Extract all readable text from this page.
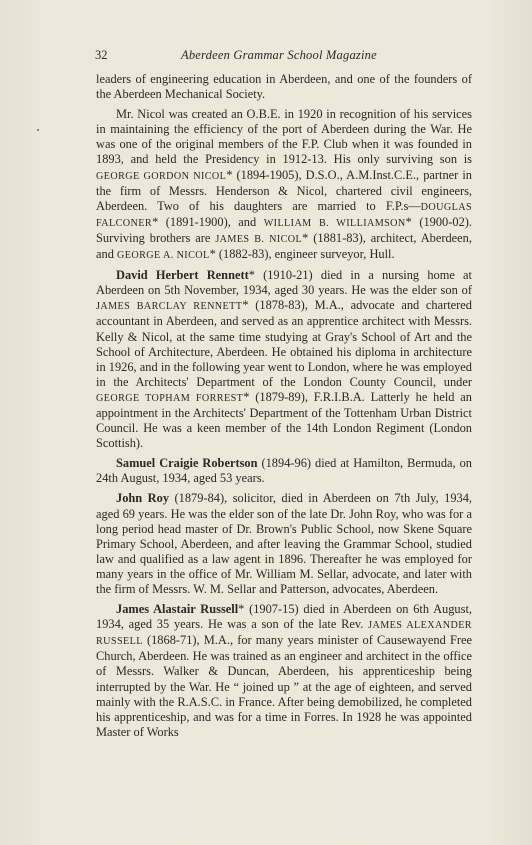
32	Aberdeen Grammar School Magazine

leaders of engineering education in Aberdeen, and one of the founders of the Aberdeen Mechanical Society.

Mr. Nicol was created an O.B.E. in 1920 in recognition of his services in maintaining the efficiency of the port of Aberdeen during the War. He was one of the original members of the F.P. Club when it was founded in 1893, and held the Presidency in 1912-13. His only surviving son is GEORGE GORDON NICOL* (1894-1905), D.S.O., A.M.Inst.C.E., partner in the firm of Messrs. Henderson & Nicol, chartered civil engineers, Aberdeen. Two of his daughters are married to F.P.s—DOUGLAS FALCONER* (1891-1900), and WILLIAM B. WILLIAMSON* (1900-02). Surviving brothers are JAMES B. NICOL* (1881-83), architect, Aberdeen, and GEORGE A. NICOL* (1882-83), engineer surveyor, Hull.

David Herbert Rennett* (1910-21) died in a nursing home at Aberdeen on 5th November, 1934, aged 30 years. He was the elder son of JAMES BARCLAY RENNETT* (1878-83), M.A., advocate and chartered accountant in Aberdeen, and served as an apprentice architect with Messrs. Kelly & Nicol, at the same time studying at Gray's School of Art and the School of Architecture, Aberdeen. He obtained his diploma in architecture in 1926, and in the following year went to London, where he was employed in the Architects' Department of the London County Council, under GEORGE TOPHAM FORREST* (1879-89), F.R.I.B.A. Latterly he held an appointment in the Architects' Department of the Tottenham Urban District Council. He was a keen member of the 14th London Regiment (London Scottish).

Samuel Craigie Robertson (1894-96) died at Hamilton, Bermuda, on 24th August, 1934, aged 53 years.

John Roy (1879-84), solicitor, died in Aberdeen on 7th July, 1934, aged 69 years. He was the elder son of the late Dr. John Roy, who was for a long period head master of Dr. Brown's Public School, now Skene Square Primary School, Aberdeen, and after leaving the Grammar School, studied law and qualified as a law agent in 1896. Thereafter he was employed for many years in the office of Mr. William M. Sellar, advocate, and later with the firm of Messrs. W. M. Sellar and Patterson, advocates, Aberdeen.

James Alastair Russell* (1907-15) died in Aberdeen on 6th August, 1934, aged 35 years. He was a son of the late Rev. JAMES ALEXANDER RUSSELL (1868-71), M.A., for many years minister of Causewayend Free Church, Aberdeen. He was trained as an engineer and architect in the office of Messrs. Walker & Duncan, Aberdeen, his apprenticeship being interrupted by the War. He “ joined up ” at the age of eighteen, and served mainly with the R.A.S.C. in France. After being demobilized, he completed his apprenticeship, and was for a time in Forres. In 1928 he was appointed Master of Works
